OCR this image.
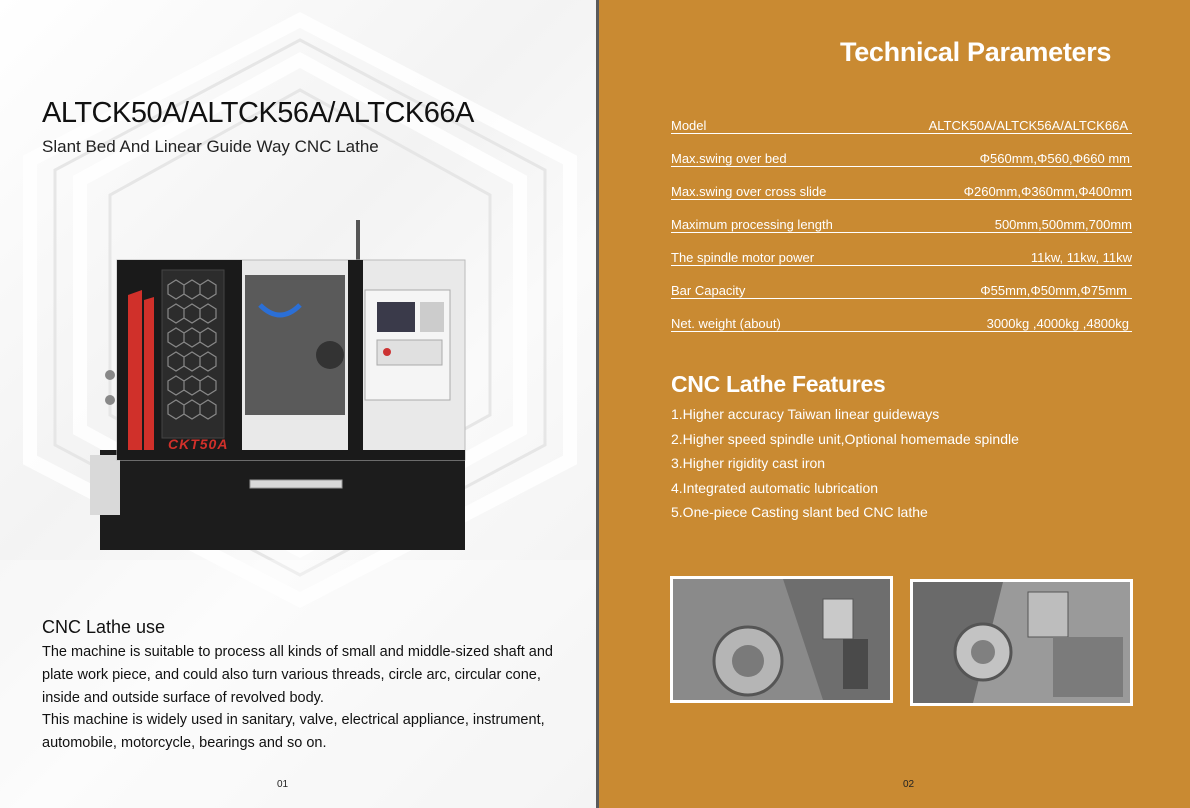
ALTCK50A/ALTCK56A/ALTCK66A
Slant Bed And Linear Guide Way CNC Lathe
CKT50A
CNC Lathe use

The machine is suitable to process all kinds of small and middle-sized shaft and plate work piece, and could also turn various threads, circle arc, circular cone, inside and outside surface of revolved body.

This machine is widely used in sanitary, valve, electrical appliance, instrument, automobile, motorcycle, bearings and so on.

01
Technical Parameters
Model	ALTCK50A/ALTCK56A/ALTCK66A
Max.swing over bed	Φ560mm,Φ560,Φ660 mm
Max.swing over cross slide	Φ260mm,Φ360mm,Φ400mm
Maximum processing length	500mm,500mm,700mm
The spindle motor power	11kw, 11kw, 11kw
Bar Capacity	Φ55mm,Φ50mm,Φ75mm
Net. weight (about)	3000kg ,4000kg ,4800kg
CNC Lathe Features
1.Higher accuracy Taiwan linear guideways
2.Higher speed spindle unit,Optional homemade spindle
3.Higher rigidity cast iron
4.Integrated automatic lubrication
5.One-piece Casting slant bed CNC lathe
02
